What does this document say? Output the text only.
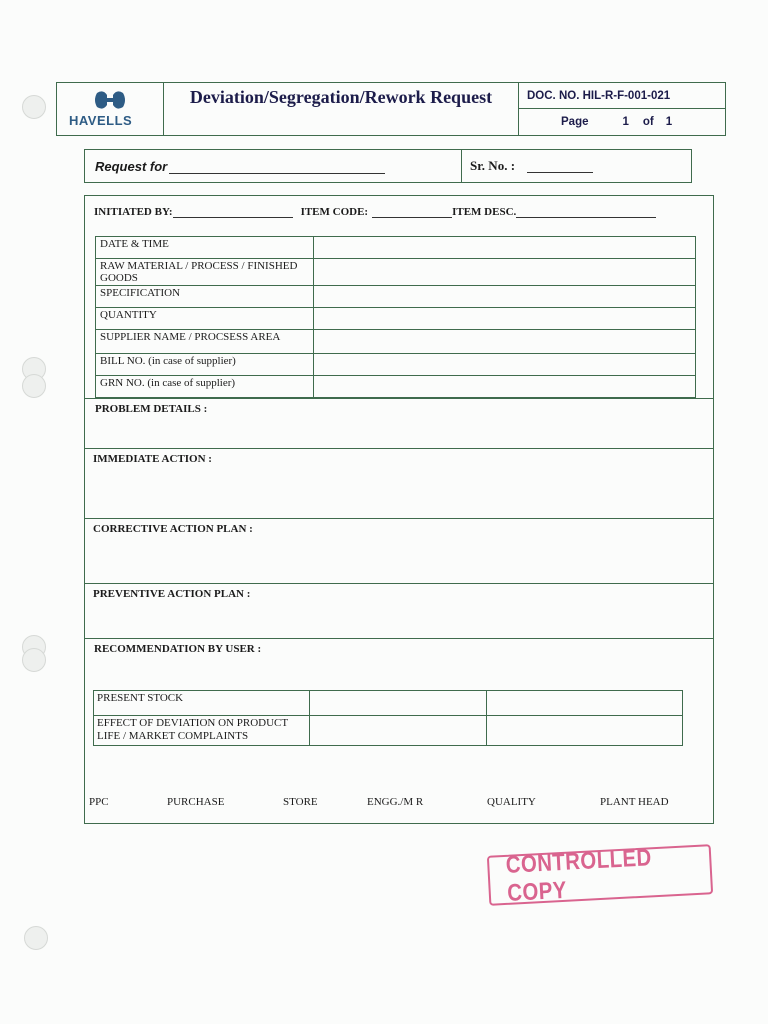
HAVELLS
Deviation/Segregation/Rework Request	DOC. NO. HIL-R-F-001-021
Page	1 of 1
Request for	Sr. No. :
INITIATED BY:	ITEM CODE:	ITEM DESC.
DATE & TIME	
RAW MATERIAL / PROCESS / FINISHED GOODS	
SPECIFICATION	
QUANTITY	
SUPPLIER NAME / PROCSESS AREA	
BILL NO. (in case of supplier)	
GRN NO. (in case of supplier)	
PROBLEM DETAILS :
IMMEDIATE ACTION :
CORRECTIVE ACTION PLAN :
PREVENTIVE ACTION PLAN :
RECOMMENDATION BY USER :
PRESENT STOCK		
EFFECT OF DEVIATION ON PRODUCT LIFE / MARKET COMPLAINTS		
PPC	PURCHASE	STORE	ENGG./M R	QUALITY	PLANT HEAD
CONTROLLED COPY
